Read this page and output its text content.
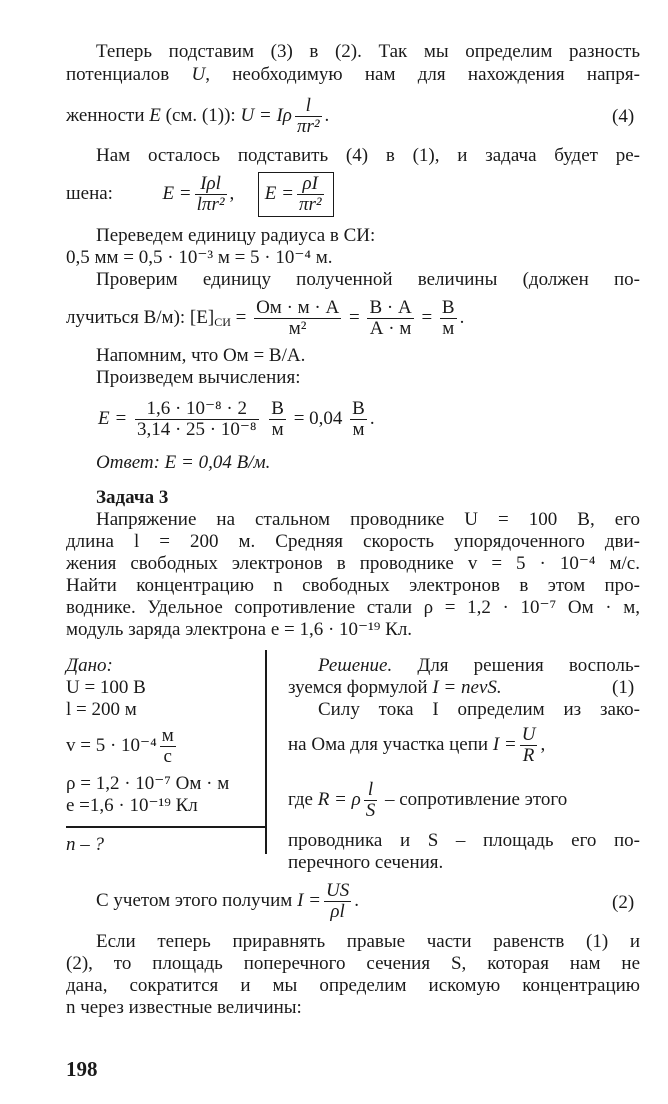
Теперь подставим (3) в (2). Так мы определим разность
потенциалов U, необходимую нам для нахождения напря-
женности E (см. (1)): U = Iρ $\frac{l}{\text{πr²}}$ .	(4)
Нам осталось подставить (4) в (1), и задача будет ре-
шена:  $E = \frac{\text{Iρl}}{\text{lπr²}}$ , $E = \frac{\rho I}{\text{πr²}}$
Переведем единицу радиуса в СИ:
0,5 мм = 0,5 · 10⁻³ м = 5 · 10⁻⁴ м.
Проверим единицу полученной величины (должен по-
лучиться В/м): $[E]_{СИ} = \frac{Ом \cdot м \cdot А}{\text{м²}} = \frac{В \cdot А}{А \cdot м} = \frac{В}{м}$ .
Напомним, что Ом = В/А.
Произведем вычисления:
$E = \frac{\text{1,6 · 10⁻⁸ · 2}}{\text{3,14 · 25 · 10⁻⁸}}$
$\frac{В}{м} = 0,04 \frac{В}{м}$ .
Ответ: E = 0,04 В/м.
Задача 3
Напряжение на стальном проводнике U = 100 В, его
длина l = 200 м. Средняя скорость упорядоченного дви-
жения свободных электронов в проводнике v = 5 · 10⁻⁴ м/с.
Найти концентрацию n свободных электронов в этом про-
воднике. Удельное сопротивление стали ρ = 1,2 · 10⁻⁷ Ом · м,
модуль заряда электрона e = 1,6 · 10⁻¹⁹ Кл.
Дано:
U = 100 В
l = 200 м
$v = 5 \cdot 10^{-4} \frac{м}{с}$
ρ = 1,2 · 10⁻⁷ Ом · м
e =1,6 · 10⁻¹⁹ Кл
n – ?
Решение. Для решения восполь-
зуемся формулой I = nevS.	(1)
Силу тока I определим из зако-
на Ома для участка цепи $I = \frac{U}{R}$ ,
где R = ρ $\frac{l}{S}$ – сопротивление этого
проводника и S – площадь его по-
перечного сечения.
С учетом этого получим $I = \frac{US}{\rho l}$ .	(2)
Если теперь приравнять правые части равенств (1) и
(2), то площадь поперечного сечения S, которая нам не
дана, сократится и мы определим искомую концентрацию
n через известные величины:
198
